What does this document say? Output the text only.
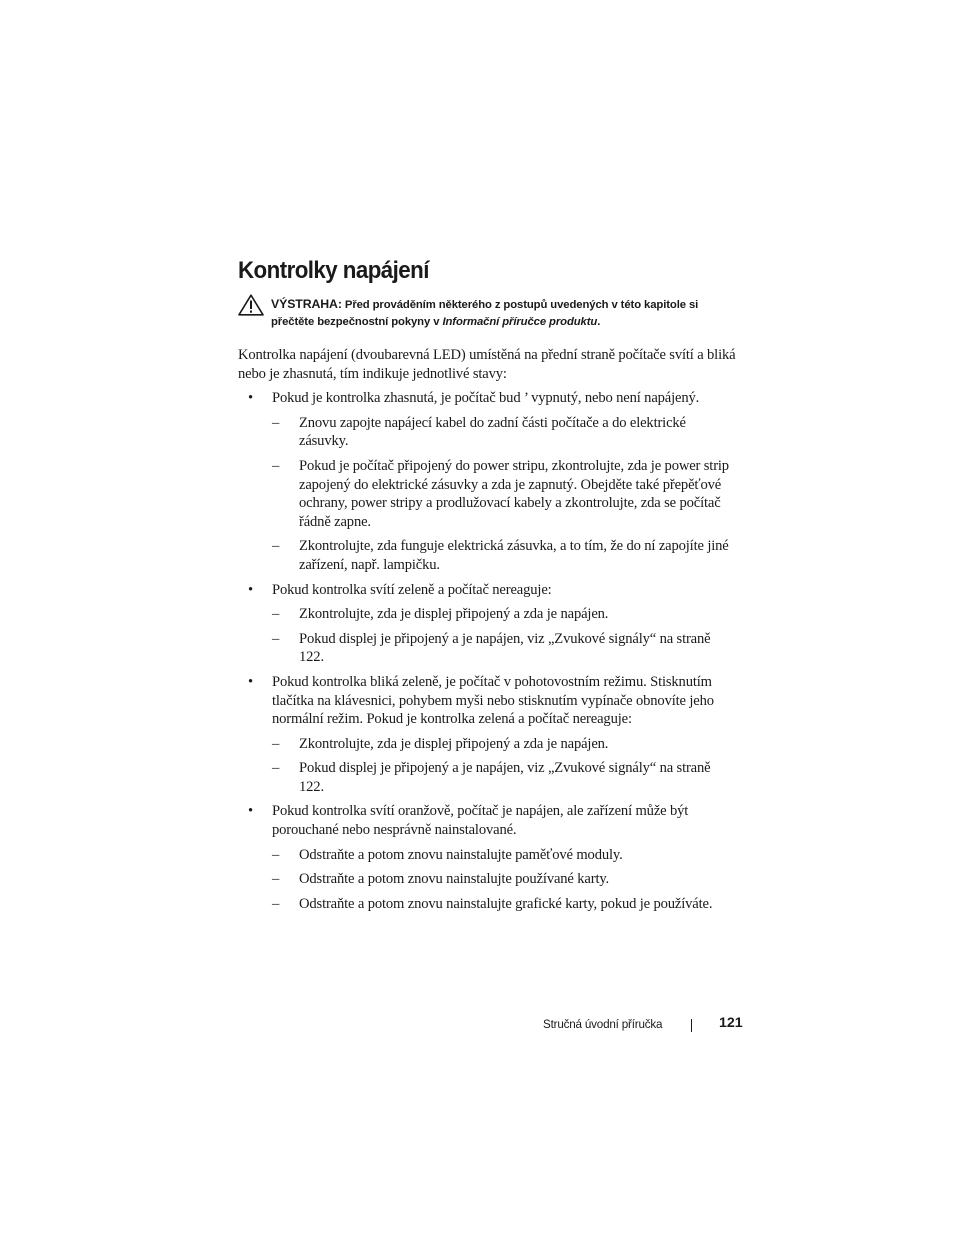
Kontrolky napájení
VÝSTRAHA: Před prováděním některého z postupů uvedených v této kapitole si přečtěte bezpečnostní pokyny v Informační příručce produktu.

Kontrolka napájení (dvoubarevná LED) umístěná na přední straně počítače svítí a bliká nebo je zhasnutá, tím indikuje jednotlivé stavy:

• Pokud je kontrolka zhasnutá, je počítač bud ’ vypnutý, nebo není napájený.
– Znovu zapojte napájecí kabel do zadní části počítače a do elektrické zásuvky.
– Pokud je počítač připojený do power stripu, zkontrolujte, zda je power strip zapojený do elektrické zásuvky a zda je zapnutý. Obejděte také přepěťové ochrany, power stripy a prodlužovací kabely a zkontrolujte, zda se počítač řádně zapne.
– Zkontrolujte, zda funguje elektrická zásuvka, a to tím, že do ní zapojíte jiné zařízení, např. lampičku.
• Pokud kontrolka svítí zeleně a počítač nereaguje:
– Zkontrolujte, zda je displej připojený a zda je napájen.
– Pokud displej je připojený a je napájen, viz „Zvukové signály“ na straně 122.
• Pokud kontrolka bliká zeleně, je počítač v pohotovostním režimu. Stisknutím tlačítka na klávesnici, pohybem myši nebo stisknutím vypínače obnovíte jeho normální režim. Pokud je kontrolka zelená a počítač nereaguje:
– Zkontrolujte, zda je displej připojený a zda je napájen.
– Pokud displej je připojený a je napájen, viz „Zvukové signály“ na straně 122.
• Pokud kontrolka svítí oranžově, počítač je napájen, ale zařízení může být porouchané nebo nesprávně nainstalované.
– Odstraňte a potom znovu nainstalujte paměťové moduly.
– Odstraňte a potom znovu nainstalujte používané karty.
– Odstraňte a potom znovu nainstalujte grafické karty, pokud je používáte.
Stručná úvodní příručka	121
